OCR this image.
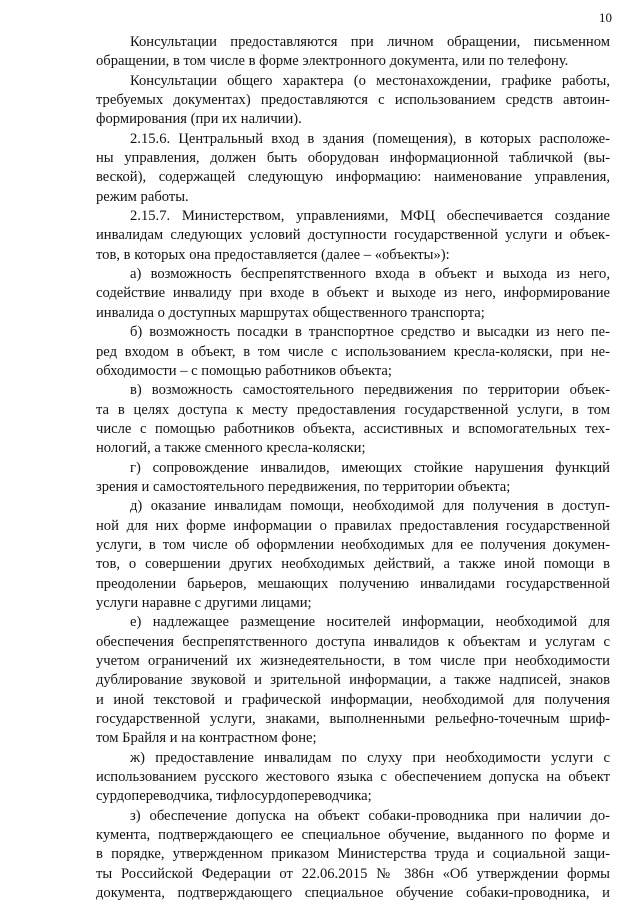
10
Консультации предоставляются при личном обращении, письменном
обращении, в том числе в форме электронного документа, или по телефону.
Консультации общего характера (о местонахождении, графике работы,
требуемых документах) предоставляются с использованием средств автоин-
формирования (при их наличии).
2.15.6. Центральный вход в здания (помещения), в которых расположе-
ны управления, должен быть оборудован информационной табличкой (вы-
веской), содержащей следующую информацию: наименование управления,
режим работы.
2.15.7. Министерством, управлениями, МФЦ обеспечивается создание
инвалидам следующих условий доступности государственной услуги и объек-
тов, в которых она предоставляется (далее – «объекты»):
а) возможность беспрепятственного входа в объект и выхода из него,
содействие инвалиду при входе в объект и выходе из него, информирование
инвалида о доступных маршрутах общественного транспорта;
б) возможность посадки в транспортное средство и высадки из него пе-
ред входом в объект, в том числе с использованием кресла-коляски, при не-
обходимости – с помощью работников объекта;
в) возможность самостоятельного передвижения по территории объек-
та в целях доступа к месту предоставления государственной услуги, в том
числе с помощью работников объекта, ассистивных и вспомогательных тех-
нологий, а также сменного кресла-коляски;
г) сопровождение инвалидов, имеющих стойкие нарушения функций
зрения и самостоятельного передвижения, по территории объекта;
д) оказание инвалидам помощи, необходимой для получения в доступ-
ной для них форме информации о правилах предоставления государственной
услуги, в том числе об оформлении необходимых для ее получения докумен-
тов, о совершении других необходимых действий, а также иной помощи в
преодолении барьеров, мешающих получению инвалидами государственной
услуги наравне с другими лицами;
е) надлежащее размещение носителей информации, необходимой для
обеспечения беспрепятственного доступа инвалидов к объектам и услугам с
учетом ограничений их жизнедеятельности, в том числе при необходимости
дублирование звуковой и зрительной информации, а также надписей, знаков
и иной текстовой и графической информации, необходимой для получения
государственной услуги, знаками, выполненными рельефно-точечным шриф-
том Брайля и на контрастном фоне;
ж) предоставление инвалидам по слуху при необходимости услуги с
использованием русского жестового языка с обеспечением допуска на объект
сурдопереводчика, тифлосурдопереводчика;
з) обеспечение допуска на объект собаки-проводника при наличии до-
кумента, подтверждающего ее специальное обучение, выданного по форме и
в порядке, утвержденном приказом Министерства труда и социальной защи-
ты Российской Федерации от 22.06.2015 № 386н «Об утверждении формы
документа, подтверждающего специальное обучение собаки-проводника, и
